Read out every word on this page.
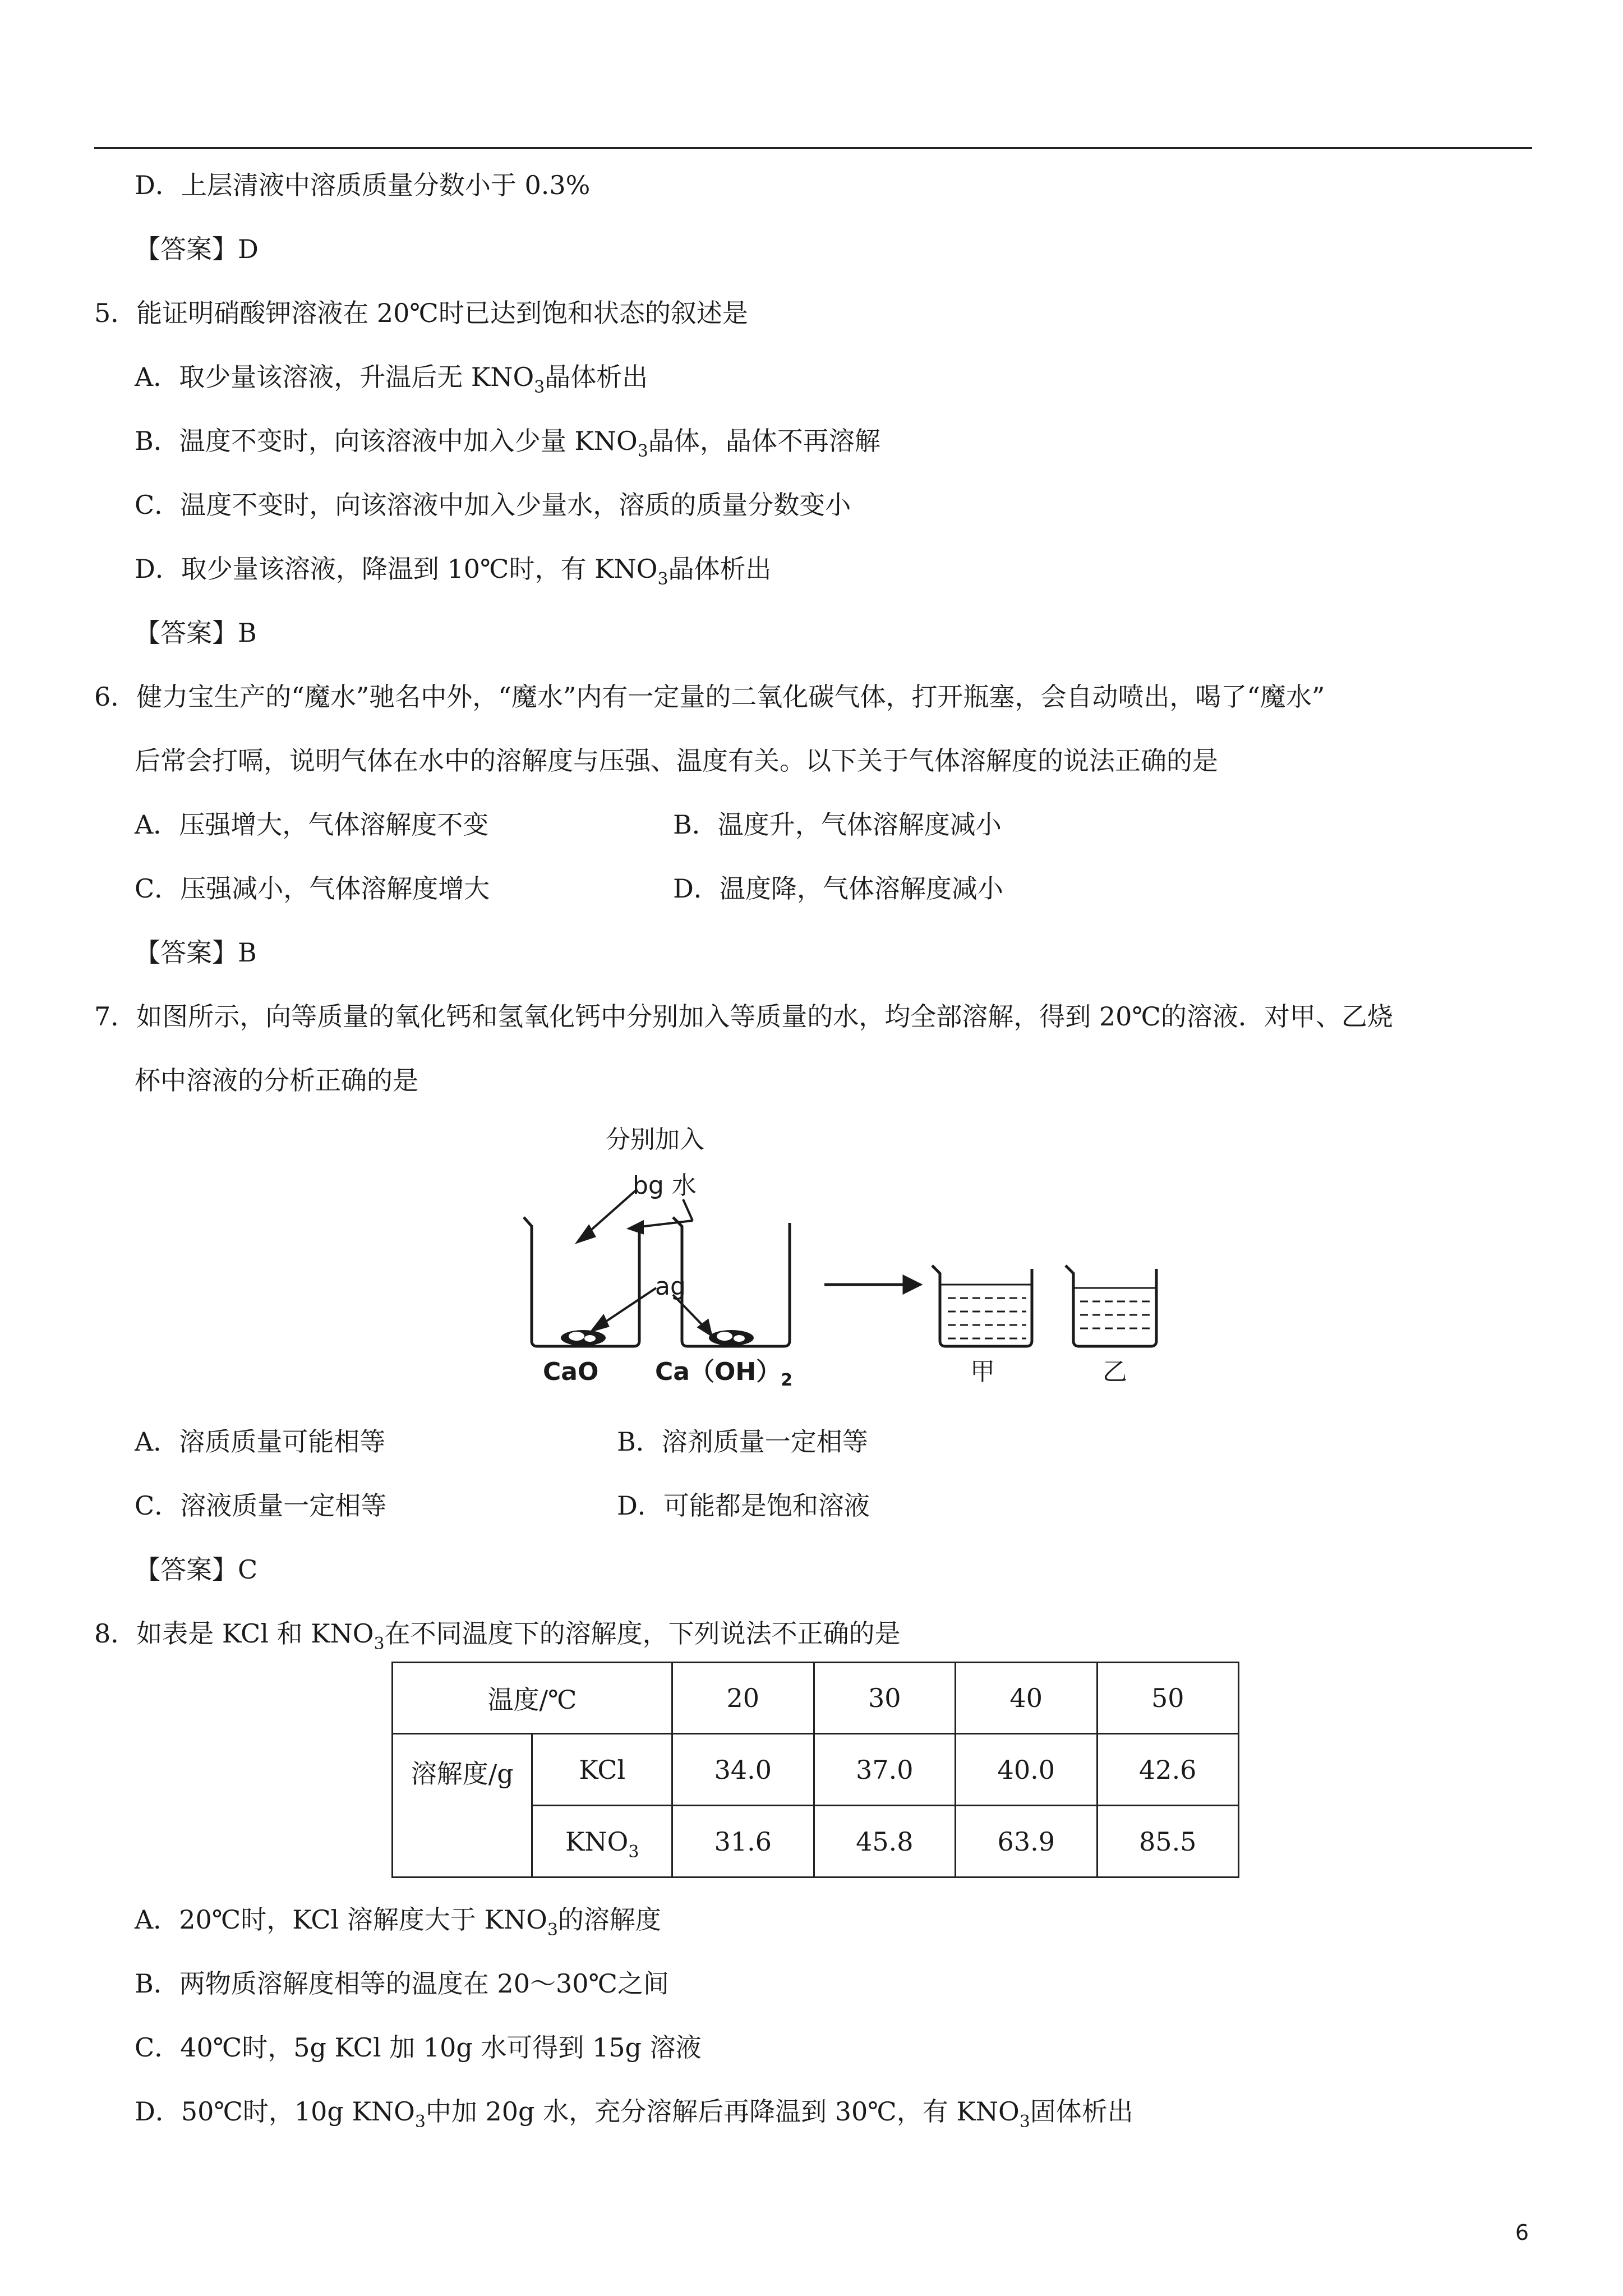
D．上层清液中溶质质量分数小于 0.3%
【答案】D
5．能证明硝酸钾溶液在 20℃时已达到饱和状态的叙述是
A．取少量该溶液，升温后无 $KNO_3$晶体析出
B．温度不变时，向该溶液中加入少量 $KNO_3$晶体，晶体不再溶解
C．温度不变时，向该溶液中加入少量水，溶质的质量分数变小
D．取少量该溶液，降温到 10℃时，有 $KNO_3$晶体析出
【答案】B
6．健力宝生产的“魔水”驰名中外，“魔水”内有一定量的二氧化碳气体，打开瓶塞，会自动喷出，喝了“魔水”
后常会打嗝，说明气体在水中的溶解度与压强、温度有关。以下关于气体溶解度的说法正确的是
A．压强增大，气体溶解度不变	B．温度升，气体溶解度减小
C．压强减小，气体溶解度增大	D．温度降，气体溶解度减小
【答案】B
7．如图所示，向等质量的氧化钙和氢氧化钙中分别加入等质量的水，均全部溶解，得到 20℃的溶液．对甲、乙烧
杯中溶液的分析正确的是
分别加入
bg 水
ag
CaO $Ca(OH)_2$	甲	乙
A．溶质质量可能相等	B．溶剂质量一定相等
C．溶液质量一定相等	D．可能都是饱和溶液
【答案】C
8．如表是 KCl 和 $KNO_3$在不同温度下的溶解度，下列说法不正确的是
温度/℃		20	30	40	50
溶解度/g	KCl	34.0	37.0	40.0	42.6
	$KNO_3$	31.6	45.8	63.9	85.5
A．20℃时，KCl 溶解度大于 $KNO_3$的溶解度
B．两物质溶解度相等的温度在 20～30℃之间
C．40℃时，5g KCl 加 10g 水可得到 15g 溶液
D．50℃时，10g $KNO_3$中加 20g 水，充分溶解后再降温到 30℃，有 $KNO_3$固体析出
6
